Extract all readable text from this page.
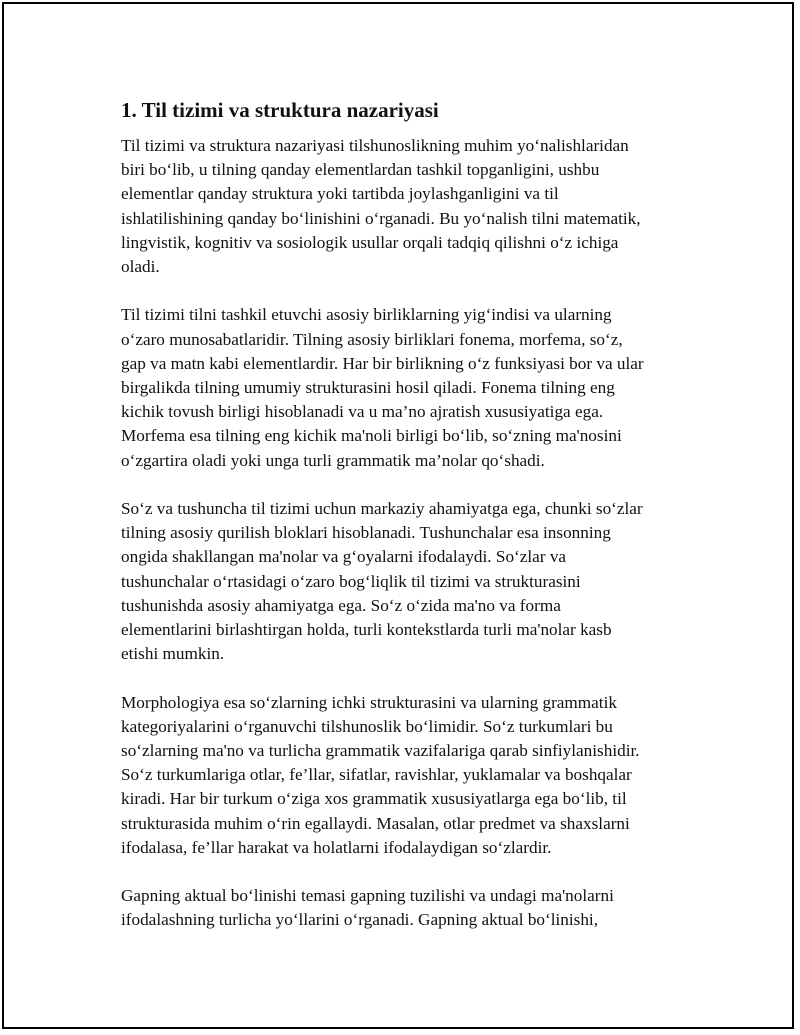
1. Til tizimi va struktura nazariyasi

Til tizimi va struktura nazariyasi tilshunoslikning muhim yo‘nalishlaridan
biri bo‘lib, u tilning qanday elementlardan tashkil topganligini, ushbu
elementlar qanday struktura yoki tartibda joylashganligini va til
ishlatilishining qanday bo‘linishini o‘rganadi. Bu yo‘nalish tilni matematik,
lingvistik, kognitiv va sosiologik usullar orqali tadqiq qilishni o‘z ichiga
oladi.

Til tizimi tilni tashkil etuvchi asosiy birliklarning yig‘indisi va ularning
o‘zaro munosabatlaridir. Tilning asosiy birliklari fonema, morfema, so‘z,
gap va matn kabi elementlardir. Har bir birlikning o‘z funksiyasi bor va ular
birgalikda tilning umumiy strukturasini hosil qiladi. Fonema tilning eng
kichik tovush birligi hisoblanadi va u ma’no ajratish xususiyatiga ega.
Morfema esa tilning eng kichik ma'noli birligi bo‘lib, so‘zning ma'nosini
o‘zgartira oladi yoki unga turli grammatik ma’nolar qo‘shadi.

So‘z va tushuncha til tizimi uchun markaziy ahamiyatga ega, chunki so‘zlar
tilning asosiy qurilish bloklari hisoblanadi. Tushunchalar esa insonning
ongida shakllangan ma'nolar va g‘oyalarni ifodalaydi. So‘zlar va
tushunchalar o‘rtasidagi o‘zaro bog‘liqlik til tizimi va strukturasini
tushunishda asosiy ahamiyatga ega. So‘z o‘zida ma'no va forma
elementlarini birlashtirgan holda, turli kontekstlarda turli ma'nolar kasb
etishi mumkin.

Morphologiya esa so‘zlarning ichki strukturasini va ularning grammatik
kategoriyalarini o‘rganuvchi tilshunoslik bo‘limidir. So‘z turkumlari bu
so‘zlarning ma'no va turlicha grammatik vazifalariga qarab sinfiylanishidir.
So‘z turkumlariga otlar, fe’llar, sifatlar, ravishlar, yuklamalar va boshqalar
kiradi. Har bir turkum o‘ziga xos grammatik xususiyatlarga ega bo‘lib, til
strukturasida muhim o‘rin egallaydi. Masalan, otlar predmet va shaxslarni
ifodalasa, fe’llar harakat va holatlarni ifodalaydigan so‘zlardir.

Gapning aktual bo‘linishi temasi gapning tuzilishi va undagi ma'nolarni
ifodalashning turlicha yo‘llarini o‘rganadi. Gapning aktual bo‘linishi,
